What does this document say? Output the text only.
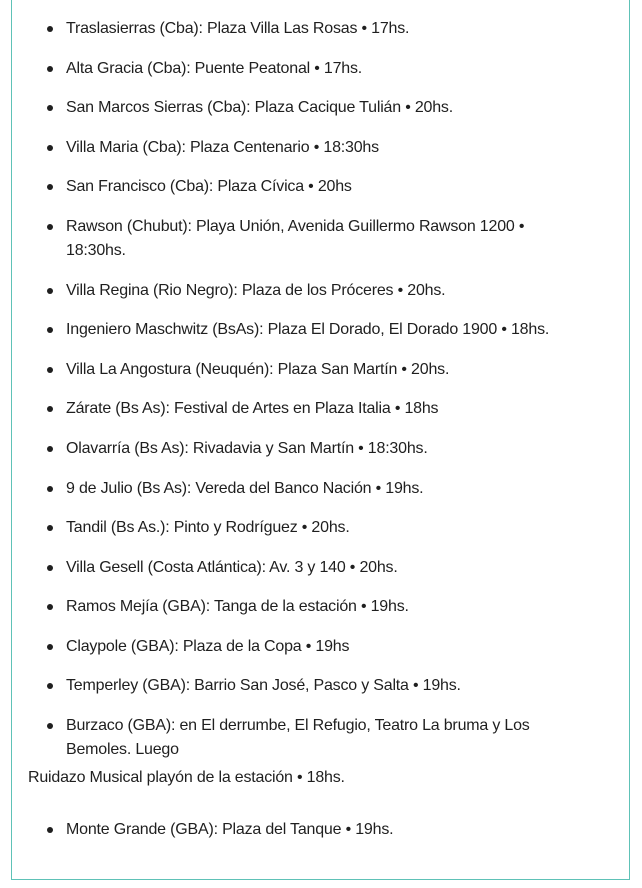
Traslasierras (Cba): Plaza Villa Las Rosas • 17hs.
Alta Gracia (Cba): Puente Peatonal • 17hs.
San Marcos Sierras (Cba): Plaza Cacique Tulián • 20hs.
Villa Maria (Cba): Plaza Centenario • 18:30hs
San Francisco (Cba): Plaza Cívica • 20hs
Rawson (Chubut): Playa Unión, Avenida Guillermo Rawson 1200 • 18:30hs.
Villa Regina (Rio Negro): Plaza de los Próceres • 20hs.
Ingeniero Maschwitz (BsAs): Plaza El Dorado, El Dorado 1900 • 18hs.
Villa La Angostura (Neuquén): Plaza San Martín • 20hs.
Zárate (Bs As): Festival de Artes en Plaza Italia • 18hs
Olavarría (Bs As): Rivadavia y San Martín • 18:30hs.
9 de Julio (Bs As): Vereda del Banco Nación • 19hs.
Tandil (Bs As.): Pinto y Rodríguez • 20hs.
Villa Gesell (Costa Atlántica): Av. 3 y 140 • 20hs.
Ramos Mejía (GBA): Tanga de la estación • 19hs.
Claypole (GBA): Plaza de la Copa • 19hs
Temperley (GBA): Barrio San José, Pasco y Salta • 19hs.
Burzaco (GBA): en El derrumbe, El Refugio, Teatro La bruma y Los Bemoles. Luego

Ruidazo Musical playón de la estación • 18hs.

Monte Grande (GBA): Plaza del Tanque • 19hs.
